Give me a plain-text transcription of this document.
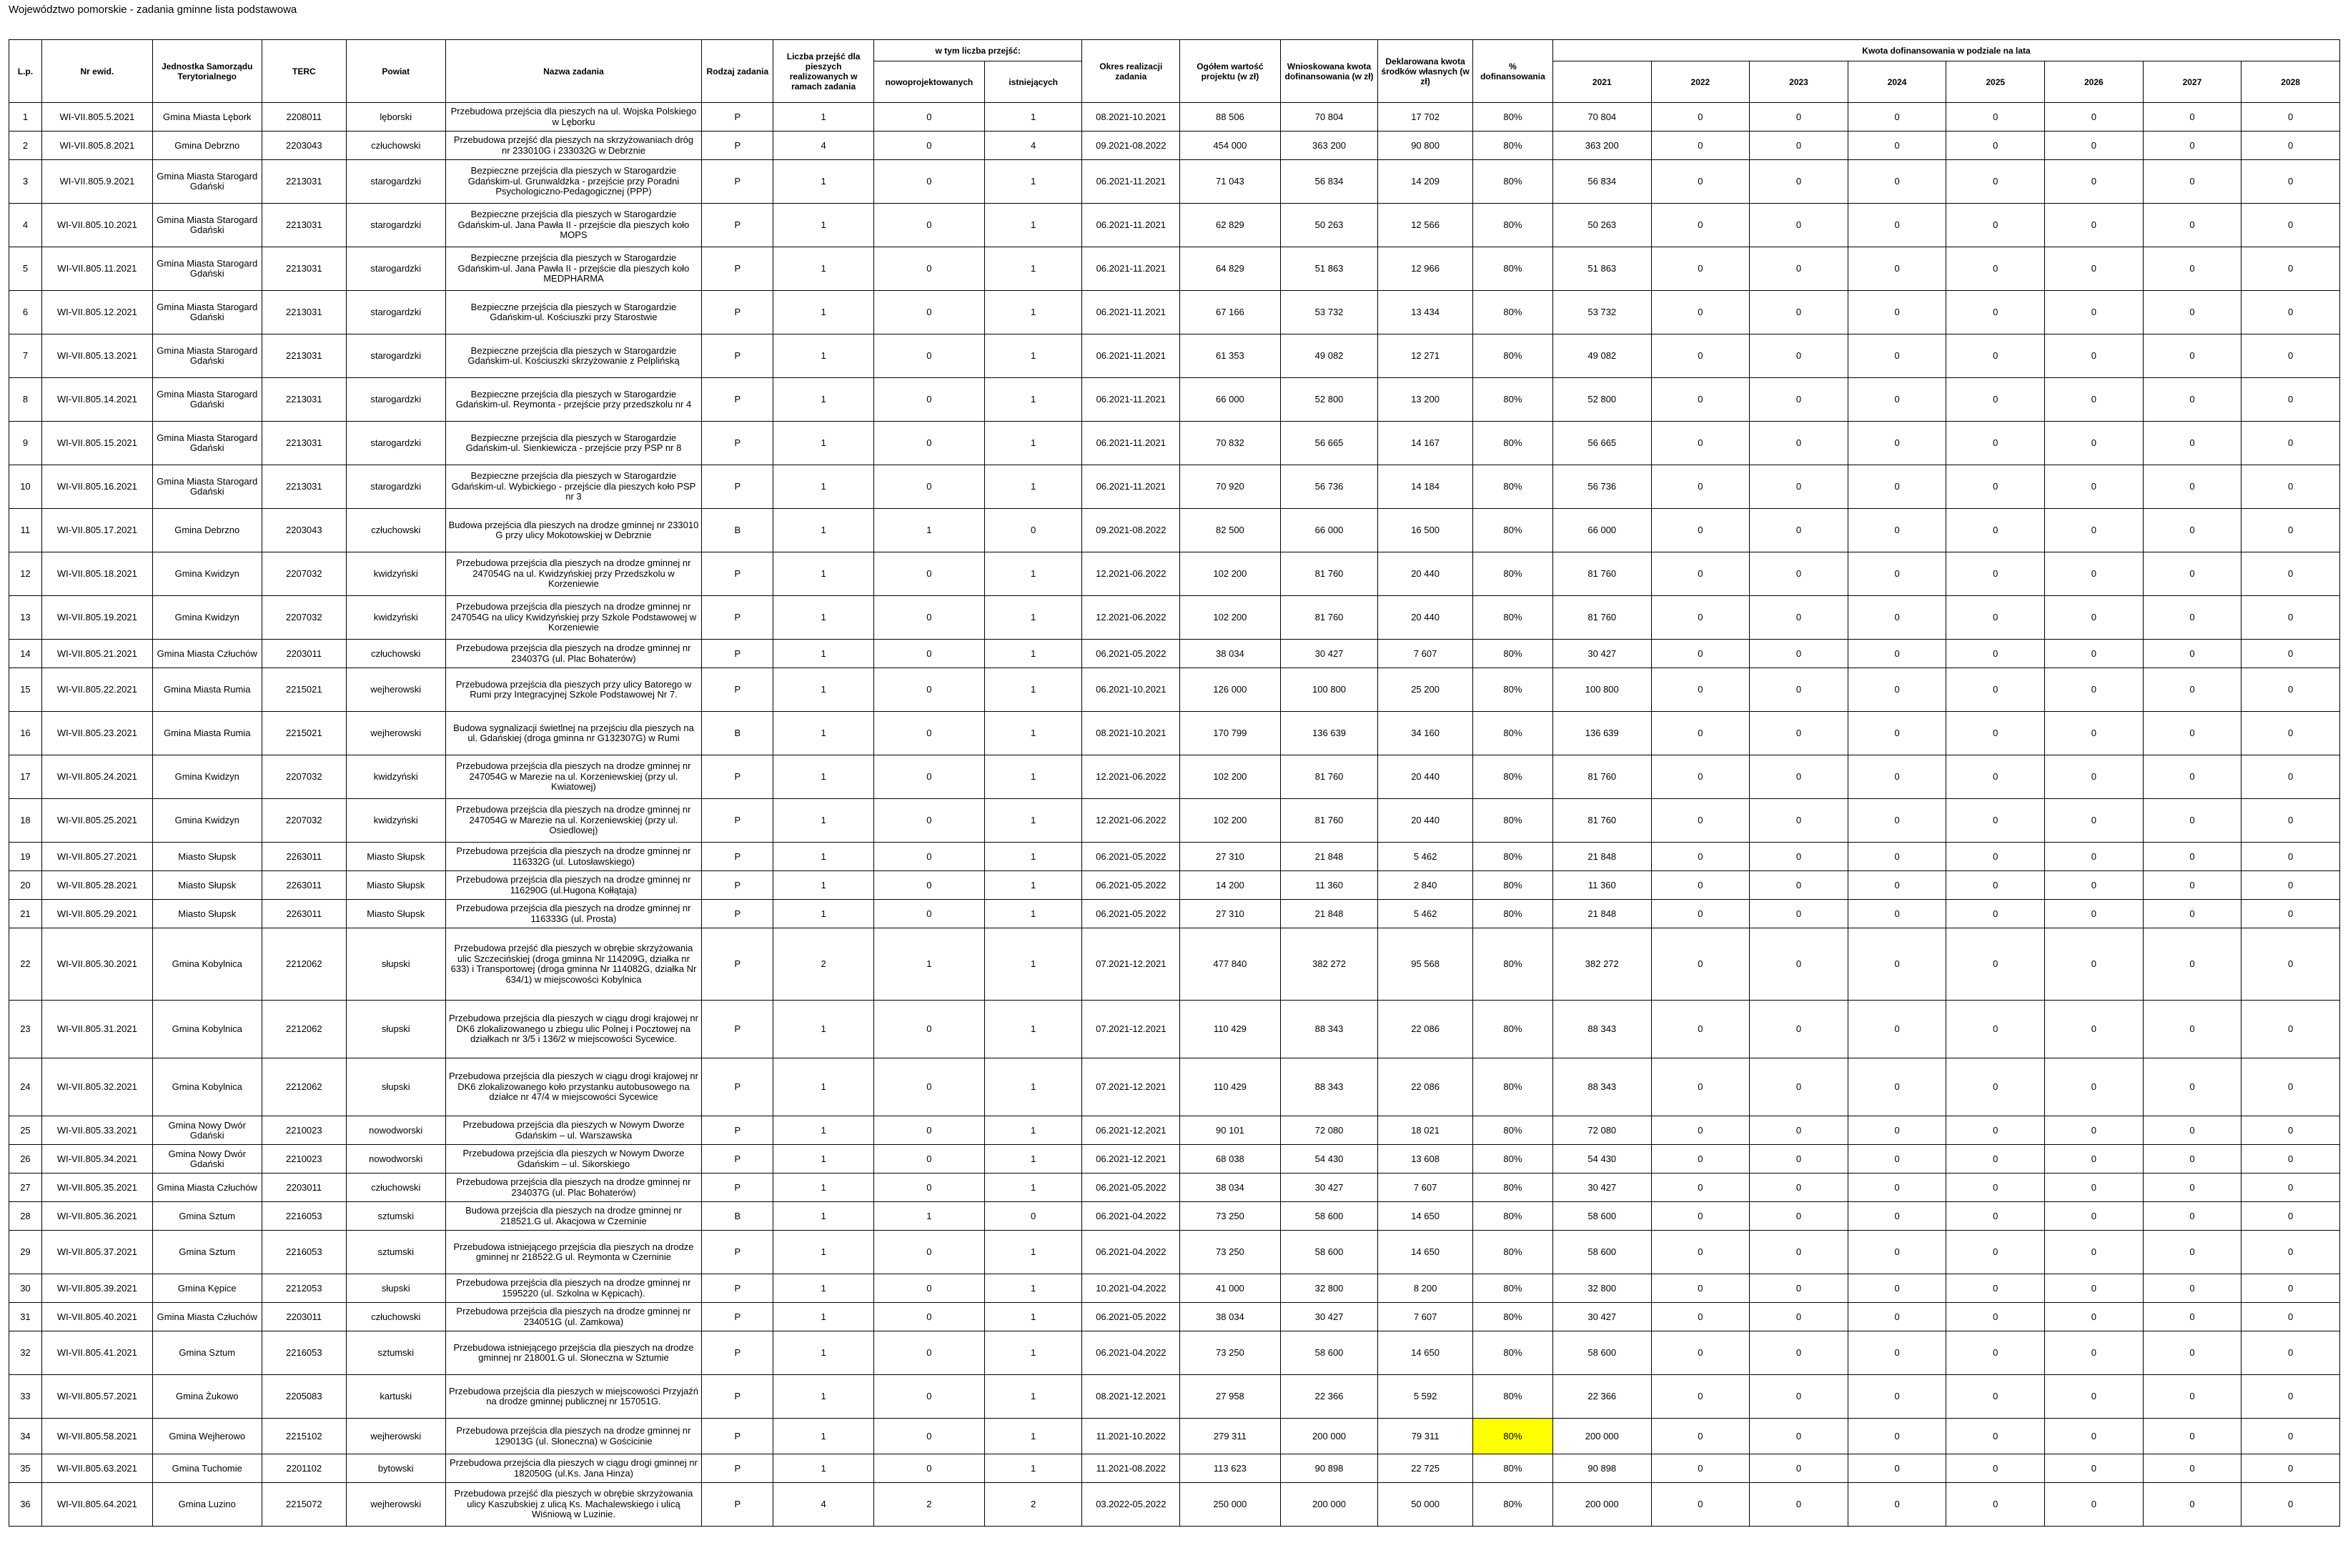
Województwo pomorskie - zadania gminne lista podstawowa
L.p.	Nr ewid.	Jednostka Samorządu Terytorialnego	TERC	Powiat	Nazwa zadania	Rodzaj zadania	Liczba przejść dla pieszych realizowanych w ramach zadania	w tym liczba przejść:		Okres realizacji zadania	Ogółem wartość projektu (w zł)	Wnioskowana kwota dofinansowania (w zł)	Deklarowana kwota środków własnych (w zł)	% dofinansowania	Kwota dofinansowania w podziale na lata							
								nowoprojektowanych	istniejących						2021	2022	2023	2024	2025	2026	2027	2028
1	WI-VII.805.5.2021	Gmina Miasta Lębork	2208011	lęborski	Przebudowa przejścia dla pieszych na ul. Wojska Polskiego w Lęborku	P	1	0	1	08.2021-10.2021	88 506	70 804	17 702	80%	70 804	0	0	0	0	0	0	0
2	WI-VII.805.8.2021	Gmina Debrzno	2203043	człuchowski	Przebudowa przejść dla pieszych na skrzyżowaniach dróg nr 233010G i 233032G w Debrznie	P	4	0	4	09.2021-08.2022	454 000	363 200	90 800	80%	363 200	0	0	0	0	0	0	0
3	WI-VII.805.9.2021	Gmina Miasta Starogard Gdański	2213031	starogardzki	Bezpieczne przejścia dla pieszych w Starogardzie Gdańskim-ul. Grunwaldzka - przejście przy Poradni Psychologiczno-Pedagogicznej (PPP)	P	1	0	1	06.2021-11.2021	71 043	56 834	14 209	80%	56 834	0	0	0	0	0	0	0
4	WI-VII.805.10.2021	Gmina Miasta Starogard Gdański	2213031	starogardzki	Bezpieczne przejścia dla pieszych w Starogardzie Gdańskim-ul. Jana Pawła II - przejście dla pieszych koło MOPS	P	1	0	1	06.2021-11.2021	62 829	50 263	12 566	80%	50 263	0	0	0	0	0	0	0
5	WI-VII.805.11.2021	Gmina Miasta Starogard Gdański	2213031	starogardzki	Bezpieczne przejścia dla pieszych w Starogardzie Gdańskim-ul. Jana Pawła II - przejście dla pieszych koło MEDPHARMA	P	1	0	1	06.2021-11.2021	64 829	51 863	12 966	80%	51 863	0	0	0	0	0	0	0
6	WI-VII.805.12.2021	Gmina Miasta Starogard Gdański	2213031	starogardzki	Bezpieczne przejścia dla pieszych w Starogardzie Gdańskim-ul. Kościuszki przy Starostwie	P	1	0	1	06.2021-11.2021	67 166	53 732	13 434	80%	53 732	0	0	0	0	0	0	0
7	WI-VII.805.13.2021	Gmina Miasta Starogard Gdański	2213031	starogardzki	Bezpieczne przejścia dla pieszych w Starogardzie Gdańskim-ul. Kościuszki skrzyżowanie z Pelplińską	P	1	0	1	06.2021-11.2021	61 353	49 082	12 271	80%	49 082	0	0	0	0	0	0	0
8	WI-VII.805.14.2021	Gmina Miasta Starogard Gdański	2213031	starogardzki	Bezpieczne przejścia dla pieszych w Starogardzie Gdańskim-ul. Reymonta - przejście przy przedszkolu nr 4	P	1	0	1	06.2021-11.2021	66 000	52 800	13 200	80%	52 800	0	0	0	0	0	0	0
9	WI-VII.805.15.2021	Gmina Miasta Starogard Gdański	2213031	starogardzki	Bezpieczne przejścia dla pieszych w Starogardzie Gdańskim-ul. Sienkiewicza - przejście przy PSP nr 8	P	1	0	1	06.2021-11.2021	70 832	56 665	14 167	80%	56 665	0	0	0	0	0	0	0
10	WI-VII.805.16.2021	Gmina Miasta Starogard Gdański	2213031	starogardzki	Bezpieczne przejścia dla pieszych w Starogardzie Gdańskim-ul. Wybickiego - przejście dla pieszych koło PSP nr 3	P	1	0	1	06.2021-11.2021	70 920	56 736	14 184	80%	56 736	0	0	0	0	0	0	0
11	WI-VII.805.17.2021	Gmina Debrzno	2203043	człuchowski	Budowa przejścia dla pieszych na drodze gminnej nr 233010 G przy ulicy Mokotowskiej w Debrznie	B	1	1	0	09.2021-08.2022	82 500	66 000	16 500	80%	66 000	0	0	0	0	0	0	0
12	WI-VII.805.18.2021	Gmina Kwidzyn	2207032	kwidzyński	Przebudowa przejścia dla pieszych na drodze gminnej nr 247054G na ul. Kwidzyńskiej przy Przedszkolu w Korzeniewie	P	1	0	1	12.2021-06.2022	102 200	81 760	20 440	80%	81 760	0	0	0	0	0	0	0
13	WI-VII.805.19.2021	Gmina Kwidzyn	2207032	kwidzyński	Przebudowa przejścia dla pieszych na drodze gminnej nr 247054G na ulicy Kwidzyńskiej przy Szkole Podstawowej w Korzeniewie	P	1	0	1	12.2021-06.2022	102 200	81 760	20 440	80%	81 760	0	0	0	0	0	0	0
14	WI-VII.805.21.2021	Gmina Miasta Człuchów	2203011	człuchowski	Przebudowa przejścia dla pieszych na drodze gminnej nr 234037G (ul. Plac Bohaterów)	P	1	0	1	06.2021-05.2022	38 034	30 427	7 607	80%	30 427	0	0	0	0	0	0	0
15	WI-VII.805.22.2021	Gmina Miasta Rumia	2215021	wejherowski	Przebudowa przejścia dla pieszych przy ulicy Batorego w Rumi przy Integracyjnej Szkole Podstawowej Nr 7.	P	1	0	1	06.2021-10.2021	126 000	100 800	25 200	80%	100 800	0	0	0	0	0	0	0
16	WI-VII.805.23.2021	Gmina Miasta Rumia	2215021	wejherowski	Budowa sygnalizacji świetlnej na przejściu dla pieszych na ul. Gdańskiej (droga gminna nr G132307G) w Rumi	B	1	0	1	08.2021-10.2021	170 799	136 639	34 160	80%	136 639	0	0	0	0	0	0	0
17	WI-VII.805.24.2021	Gmina Kwidzyn	2207032	kwidzyński	Przebudowa przejścia dla pieszych na drodze gminnej nr 247054G w Marezie na ul. Korzeniewskiej (przy ul. Kwiatowej)	P	1	0	1	12.2021-06.2022	102 200	81 760	20 440	80%	81 760	0	0	0	0	0	0	0
18	WI-VII.805.25.2021	Gmina Kwidzyn	2207032	kwidzyński	Przebudowa przejścia dla pieszych na drodze gminnej nr 247054G w Marezie na ul. Korzeniewskiej (przy ul. Osiedlowej)	P	1	0	1	12.2021-06.2022	102 200	81 760	20 440	80%	81 760	0	0	0	0	0	0	0
19	WI-VII.805.27.2021	Miasto Słupsk	2263011	Miasto Słupsk	Przebudowa przejścia dla pieszych na drodze gminnej nr 116332G (ul. Lutosławskiego)	P	1	0	1	06.2021-05.2022	27 310	21 848	5 462	80%	21 848	0	0	0	0	0	0	0
20	WI-VII.805.28.2021	Miasto Słupsk	2263011	Miasto Słupsk	Przebudowa przejścia dla pieszych na drodze gminnej nr 116290G (ul.Hugona Kołłątaja)	P	1	0	1	06.2021-05.2022	14 200	11 360	2 840	80%	11 360	0	0	0	0	0	0	0
21	WI-VII.805.29.2021	Miasto Słupsk	2263011	Miasto Słupsk	Przebudowa przejścia dla pieszych na drodze gminnej nr 116333G (ul. Prosta)	P	1	0	1	06.2021-05.2022	27 310	21 848	5 462	80%	21 848	0	0	0	0	0	0	0
22	WI-VII.805.30.2021	Gmina Kobylnica	2212062	słupski	Przebudowa przejść dla pieszych w obrębie skrzyżowania ulic Szczecińskiej (droga gminna Nr 114209G, działka nr 633) i Transportowej (droga gminna Nr 114082G, działka Nr 634/1) w miejscowości Kobylnica	P	2	1	1	07.2021-12.2021	477 840	382 272	95 568	80%	382 272	0	0	0	0	0	0	0
23	WI-VII.805.31.2021	Gmina Kobylnica	2212062	słupski	Przebudowa przejścia dla pieszych w ciągu drogi krajowej nr DK6 zlokalizowanego u zbiegu ulic Polnej i Pocztowej na działkach nr 3/5 i 136/2 w miejscowości Sycewice.	P	1	0	1	07.2021-12.2021	110 429	88 343	22 086	80%	88 343	0	0	0	0	0	0	0
24	WI-VII.805.32.2021	Gmina Kobylnica	2212062	słupski	Przebudowa przejścia dla pieszych w ciągu drogi krajowej nr DK6 zlokalizowanego koło przystanku autobusowego na działce nr 47/4 w miejscowości Sycewice	P	1	0	1	07.2021-12.2021	110 429	88 343	22 086	80%	88 343	0	0	0	0	0	0	0
25	WI-VII.805.33.2021	Gmina Nowy Dwór Gdański	2210023	nowodworski	Przebudowa przejścia dla pieszych w Nowym Dworze Gdańskim – ul. Warszawska	P	1	0	1	06.2021-12.2021	90 101	72 080	18 021	80%	72 080	0	0	0	0	0	0	0
26	WI-VII.805.34.2021	Gmina Nowy Dwór Gdański	2210023	nowodworski	Przebudowa przejścia dla pieszych w Nowym Dworze Gdańskim – ul. Sikorskiego	P	1	0	1	06.2021-12.2021	68 038	54 430	13 608	80%	54 430	0	0	0	0	0	0	0
27	WI-VII.805.35.2021	Gmina Miasta Człuchów	2203011	człuchowski	Przebudowa przejścia dla pieszych na drodze gminnej nr 234037G (ul. Plac Bohaterów)	P	1	0	1	06.2021-05.2022	38 034	30 427	7 607	80%	30 427	0	0	0	0	0	0	0
28	WI-VII.805.36.2021	Gmina Sztum	2216053	sztumski	Budowa przejścia dla pieszych na drodze gminnej nr 218521.G ul. Akacjowa w Czerninie	B	1	1	0	06.2021-04.2022	73 250	58 600	14 650	80%	58 600	0	0	0	0	0	0	0
29	WI-VII.805.37.2021	Gmina Sztum	2216053	sztumski	Przebudowa istniejącego przejścia dla pieszych na drodze gminnej nr 218522.G ul. Reymonta w Czerninie	P	1	0	1	06.2021-04.2022	73 250	58 600	14 650	80%	58 600	0	0	0	0	0	0	0
30	WI-VII.805.39.2021	Gmina Kępice	2212053	słupski	Przebudowa przejścia dla pieszych na drodze gminnej nr 1595220 (ul. Szkolna w Kępicach).	P	1	0	1	10.2021-04.2022	41 000	32 800	8 200	80%	32 800	0	0	0	0	0	0	0
31	WI-VII.805.40.2021	Gmina Miasta Człuchów	2203011	człuchowski	Przebudowa przejścia dla pieszych na drodze gminnej nr 234051G (ul. Zamkowa)	P	1	0	1	06.2021-05.2022	38 034	30 427	7 607	80%	30 427	0	0	0	0	0	0	0
32	WI-VII.805.41.2021	Gmina Sztum	2216053	sztumski	Przebudowa istniejącego przejścia dla pieszych na drodze gminnej nr 218001.G ul. Słoneczna w Sztumie	P	1	0	1	06.2021-04.2022	73 250	58 600	14 650	80%	58 600	0	0	0	0	0	0	0
33	WI-VII.805.57.2021	Gmina Żukowo	2205083	kartuski	Przebudowa przejścia dla pieszych w miejscowości Przyjaźń na drodze gminnej publicznej nr 157051G.	P	1	0	1	08.2021-12.2021	27 958	22 366	5 592	80%	22 366	0	0	0	0	0	0	0
34	WI-VII.805.58.2021	Gmina Wejherowo	2215102	wejherowski	Przebudowa przejścia dla pieszych na drodze gminnej nr 129013G (ul. Słoneczna) w Gościcinie	P	1	0	1	11.2021-10.2022	279 311	200 000	79 311	80%	200 000	0	0	0	0	0	0	0
35	WI-VII.805.63.2021	Gmina Tuchomie	2201102	bytowski	Przebudowa przejścia dla pieszych w ciągu drogi gminnej nr 182050G (ul.Ks. Jana Hinza)	P	1	0	1	11.2021-08.2022	113 623	90 898	22 725	80%	90 898	0	0	0	0	0	0	0
36	WI-VII.805.64.2021	Gmina Luzino	2215072	wejherowski	Przebudowa przejść dla pieszych w obrębie skrzyżowania ulicy Kaszubskiej z ulicą Ks. Machalewskiego i ulicą Wiśniową w Luzinie.	P	4	2	2	03.2022-05.2022	250 000	200 000	50 000	80%	200 000	0	0	0	0	0	0	0
